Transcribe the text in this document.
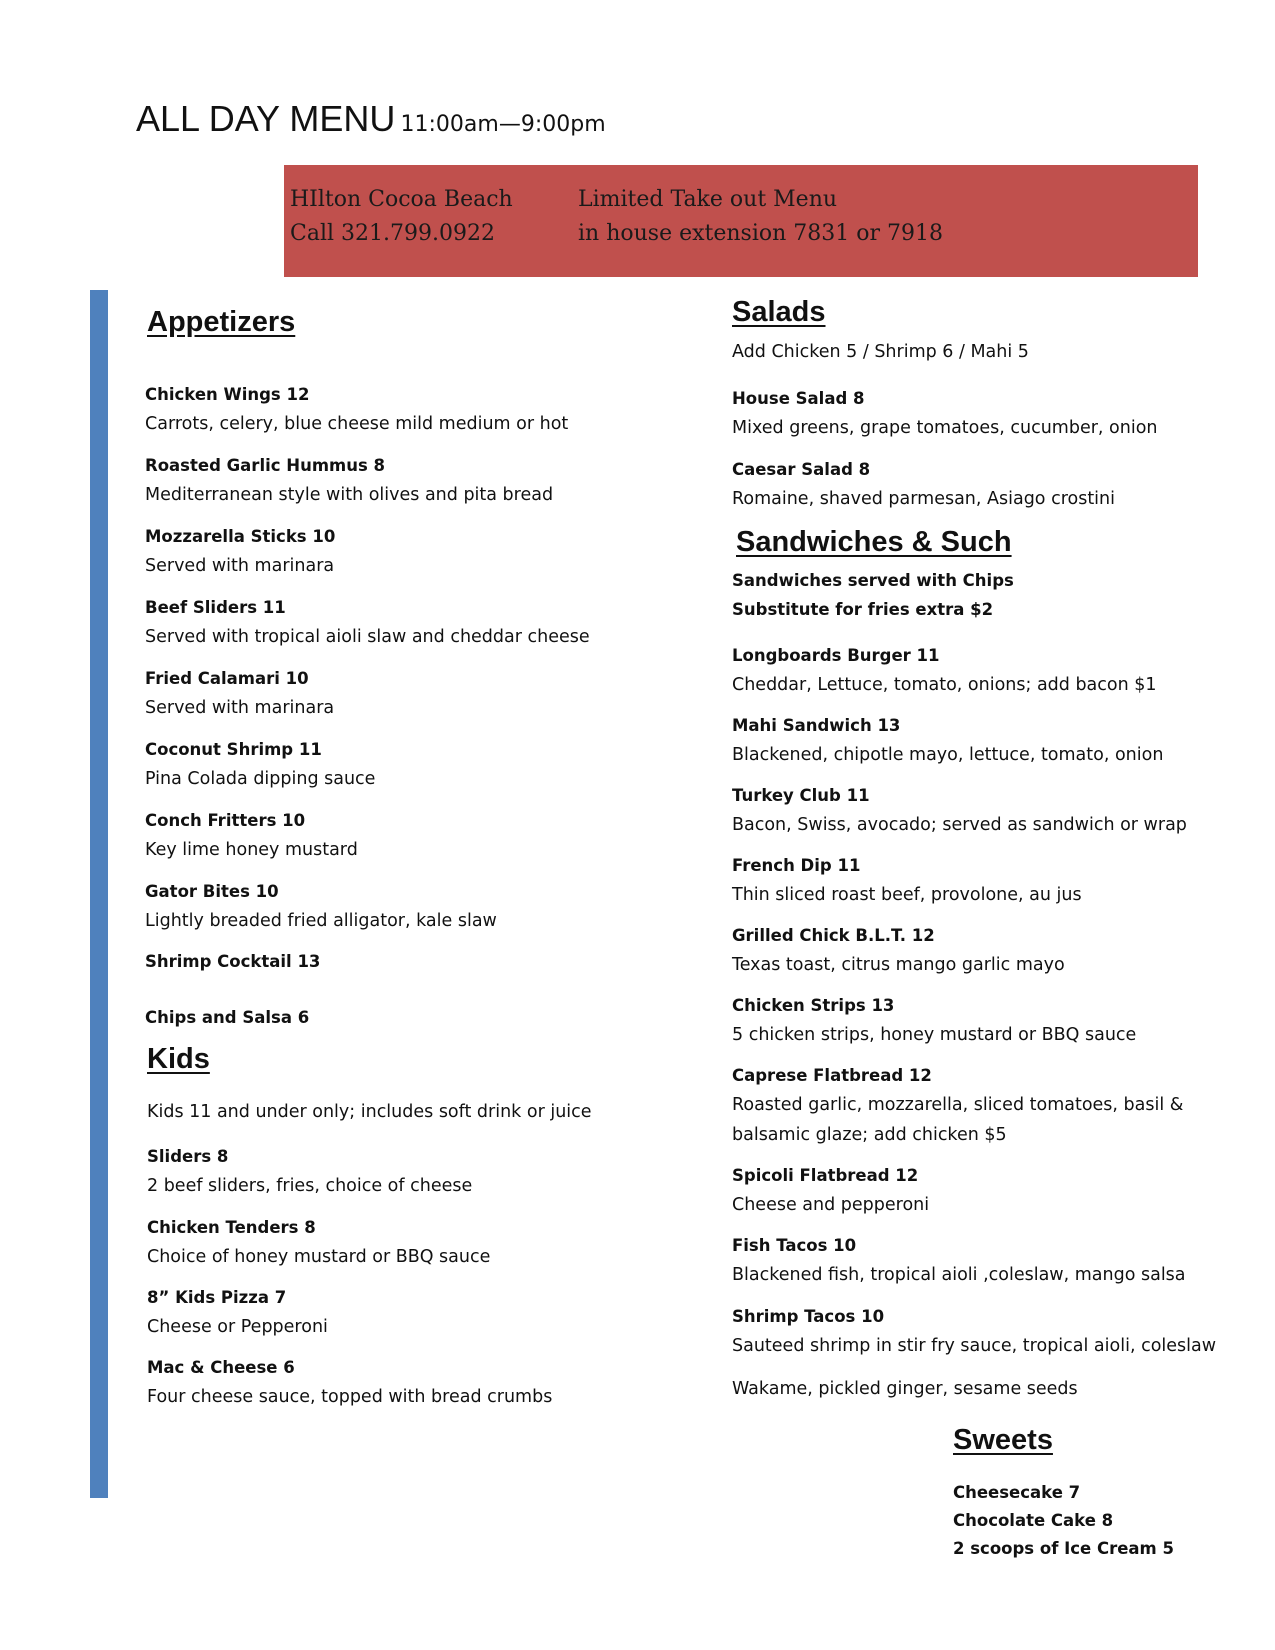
ALL DAY MENU 11:00am—9:00pm
HIlton Cocoa Beach
Call 321.799.0922
Limited Take out Menu
in house extension 7831 or 7918
Appetizers
Chicken Wings 12
Carrots, celery, blue cheese mild medium or hot
Roasted Garlic Hummus 8
Mediterranean style with olives and pita bread
Mozzarella Sticks 10
Served with marinara
Beef Sliders 11
Served with tropical aioli slaw and cheddar cheese
Fried Calamari 10
Served with marinara
Coconut Shrimp 11
Pina Colada dipping sauce
Conch Fritters 10
Key lime honey mustard
Gator Bites 10
Lightly breaded fried alligator, kale slaw
Shrimp Cocktail 13
Chips and Salsa 6
Kids
Kids 11 and under only; includes soft drink or juice
Sliders 8
2 beef sliders, fries, choice of cheese
Chicken Tenders 8
Choice of honey mustard or BBQ sauce
8” Kids Pizza 7
Cheese or Pepperoni
Mac & Cheese 6
Four cheese sauce, topped with bread crumbs
Salads
Add Chicken 5 / Shrimp 6 / Mahi 5
House Salad 8
Mixed greens, grape tomatoes, cucumber, onion
Caesar Salad 8
Romaine, shaved parmesan, Asiago crostini
Sandwiches & Such
Sandwiches served with Chips
Substitute for fries extra $2
Longboards Burger 11
Cheddar, Lettuce, tomato, onions; add bacon $1
Mahi Sandwich 13
Blackened, chipotle mayo, lettuce, tomato, onion
Turkey Club 11
Bacon, Swiss, avocado; served as sandwich or wrap
French Dip 11
Thin sliced roast beef, provolone, au jus
Grilled Chick B.L.T. 12
Texas toast, citrus mango garlic mayo
Chicken Strips 13
5 chicken strips, honey mustard or BBQ sauce
Caprese Flatbread 12
Roasted garlic, mozzarella, sliced tomatoes, basil &
balsamic glaze; add chicken $5
Spicoli Flatbread 12
Cheese and pepperoni
Fish Tacos 10
Blackened fish, tropical aioli ,coleslaw, mango salsa
Shrimp Tacos 10
Sauteed shrimp in stir fry sauce, tropical aioli, coleslaw
Wakame, pickled ginger, sesame seeds
Sweets
Cheesecake 7
Chocolate Cake 8
2 scoops of Ice Cream 5
